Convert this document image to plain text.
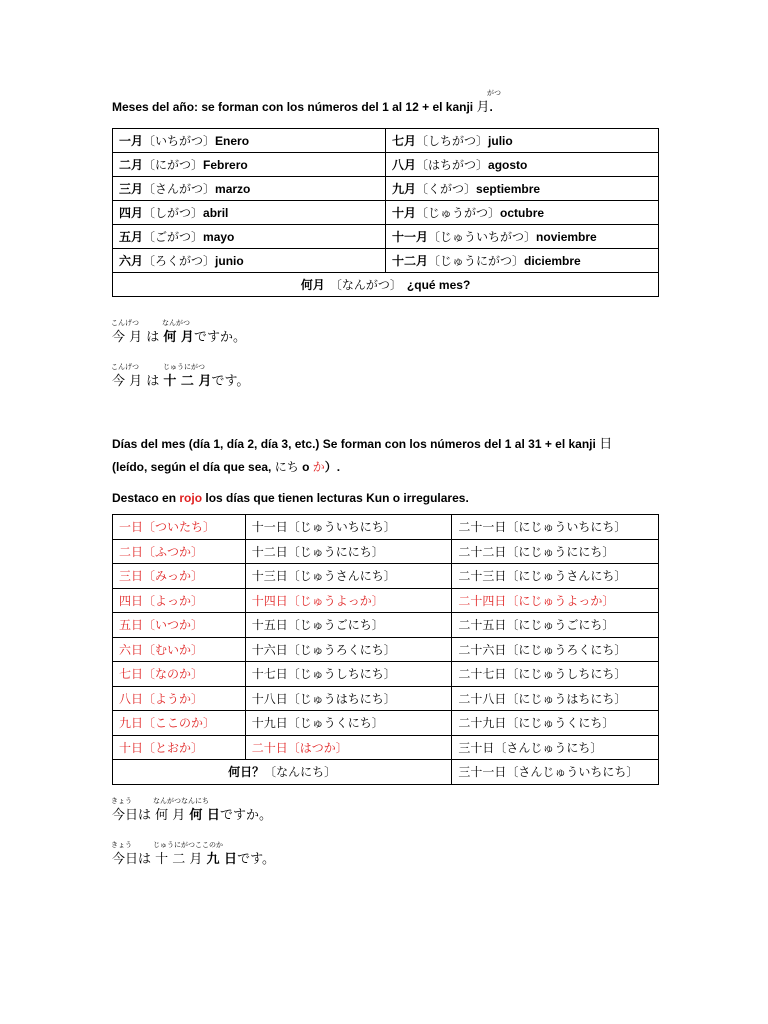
がつ
Meses del año: se forman con los números del 1 al 12 + el kanji 月.
一月〔いちがつ〕Enero	七月〔しちがつ〕julio
二月〔にがつ〕Febrero	八月〔はちがつ〕agosto
三月〔さんがつ〕marzo	九月〔くがつ〕septiembre
四月〔しがつ〕abril	十月〔じゅうがつ〕octubre
五月〔ごがつ〕mayo	十一月〔じゅういちがつ〕noviembre
六月〔ろくがつ〕junio	十二月〔じゅうにがつ〕diciembre
何月 〔なんがつ〕 ¿qué mes?	
こんげつ	なんがつ
今 月 は 何 月ですか。
こんげつ	じゅうにがつ
今 月 は 十 二 月です。
Días del mes (día 1, día 2, día 3, etc.) Se forman con los números del 1 al 31 + el kanji 日
(leído, según el día que sea, にち o か）.
Destaco en rojo los días que tienen lecturas Kun o irregulares.
一日〔ついたち〕	十一日〔じゅういちにち〕	二十一日〔にじゅういちにち〕
二日〔ふつか〕	十二日〔じゅうににち〕	二十二日〔にじゅうににち〕
三日〔みっか〕	十三日〔じゅうさんにち〕	二十三日〔にじゅうさんにち〕
四日〔よっか〕	十四日〔じゅうよっか〕	二十四日〔にじゅうよっか〕
五日〔いつか〕	十五日〔じゅうごにち〕	二十五日〔にじゅうごにち〕
六日〔むいか〕	十六日〔じゅうろくにち〕	二十六日〔にじゅうろくにち〕
七日〔なのか〕	十七日〔じゅうしちにち〕	二十七日〔にじゅうしちにち〕
八日〔ようか〕	十八日〔じゅうはちにち〕	二十八日〔にじゅうはちにち〕
九日〔ここのか〕	十九日〔じゅうくにち〕	二十九日〔にじゅうくにち〕
十日〔とおか〕	二十日〔はつか〕	三十日〔さんじゅうにち〕
何日？〔なんにち〕		三十一日〔さんじゅういちにち〕
きょう	なんがつなんにち
今日は 何 月 何 日ですか。
きょう	じゅうにがつここのか
今日は 十 二 月 九 日です。
